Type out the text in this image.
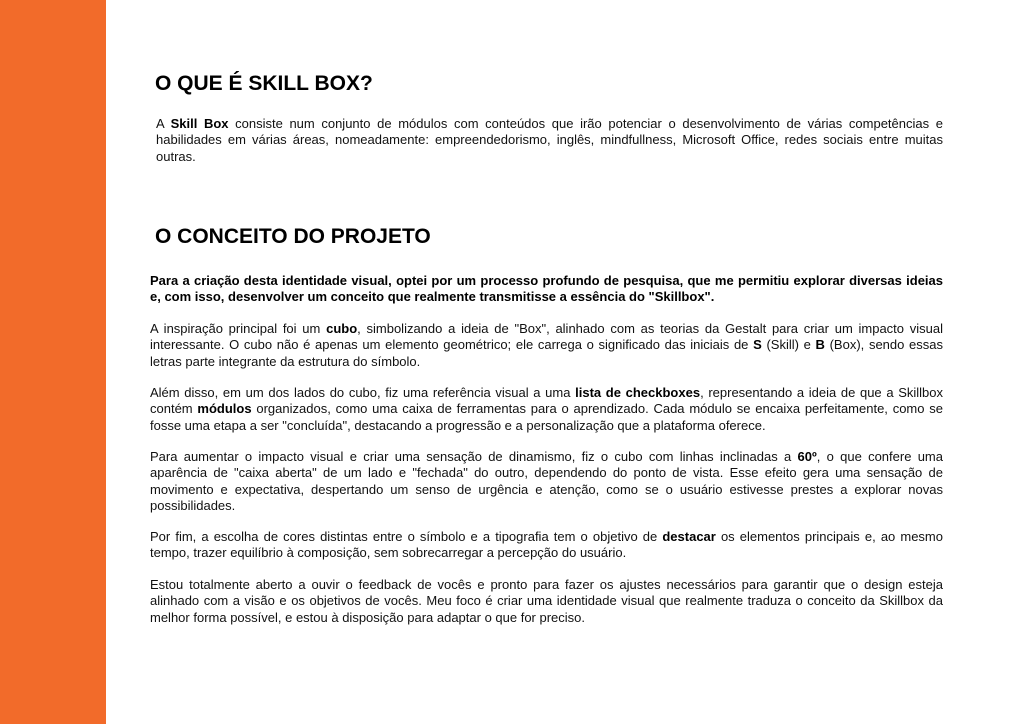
O QUE É SKILL BOX?

A Skill Box consiste num conjunto de módulos com conteúdos que irão potenciar o desenvolvimento de várias competências e habilidades em várias áreas, nomeadamente: empreendedorismo, inglês, mindfullness, Microsoft Office, redes sociais entre muitas outras.

O CONCEITO DO PROJETO

Para a criação desta identidade visual, optei por um processo profundo de pesquisa, que me permitiu explorar diversas ideias e, com isso, desenvolver um conceito que realmente transmitisse a essência do "Skillbox".

A inspiração principal foi um cubo, simbolizando a ideia de "Box", alinhado com as teorias da Gestalt para criar um impacto visual interessante. O cubo não é apenas um elemento geométrico; ele carrega o significado das iniciais de S (Skill) e B (Box), sendo essas letras parte integrante da estrutura do símbolo.

Além disso, em um dos lados do cubo, fiz uma referência visual a uma lista de checkboxes, representando a ideia de que a Skillbox contém módulos organizados, como uma caixa de ferramentas para o aprendizado. Cada módulo se encaixa perfeitamente, como se fosse uma etapa a ser "concluída", destacando a progressão e a personalização que a plataforma oferece.

Para aumentar o impacto visual e criar uma sensação de dinamismo, fiz o cubo com linhas inclinadas a 60º, o que confere uma aparência de "caixa aberta" de um lado e "fechada" do outro, dependendo do ponto de vista. Esse efeito gera uma sensação de movimento e expectativa, despertando um senso de urgência e atenção, como se o usuário estivesse prestes a explorar novas possibilidades.

Por fim, a escolha de cores distintas entre o símbolo e a tipografia tem o objetivo de destacar os elementos principais e, ao mesmo tempo, trazer equilíbrio à composição, sem sobrecarregar a percepção do usuário.

Estou totalmente aberto a ouvir o feedback de vocês e pronto para fazer os ajustes necessários para garantir que o design esteja alinhado com a visão e os objetivos de vocês. Meu foco é criar uma identidade visual que realmente traduza o conceito da Skillbox da melhor forma possível, e estou à disposição para adaptar o que for preciso.
